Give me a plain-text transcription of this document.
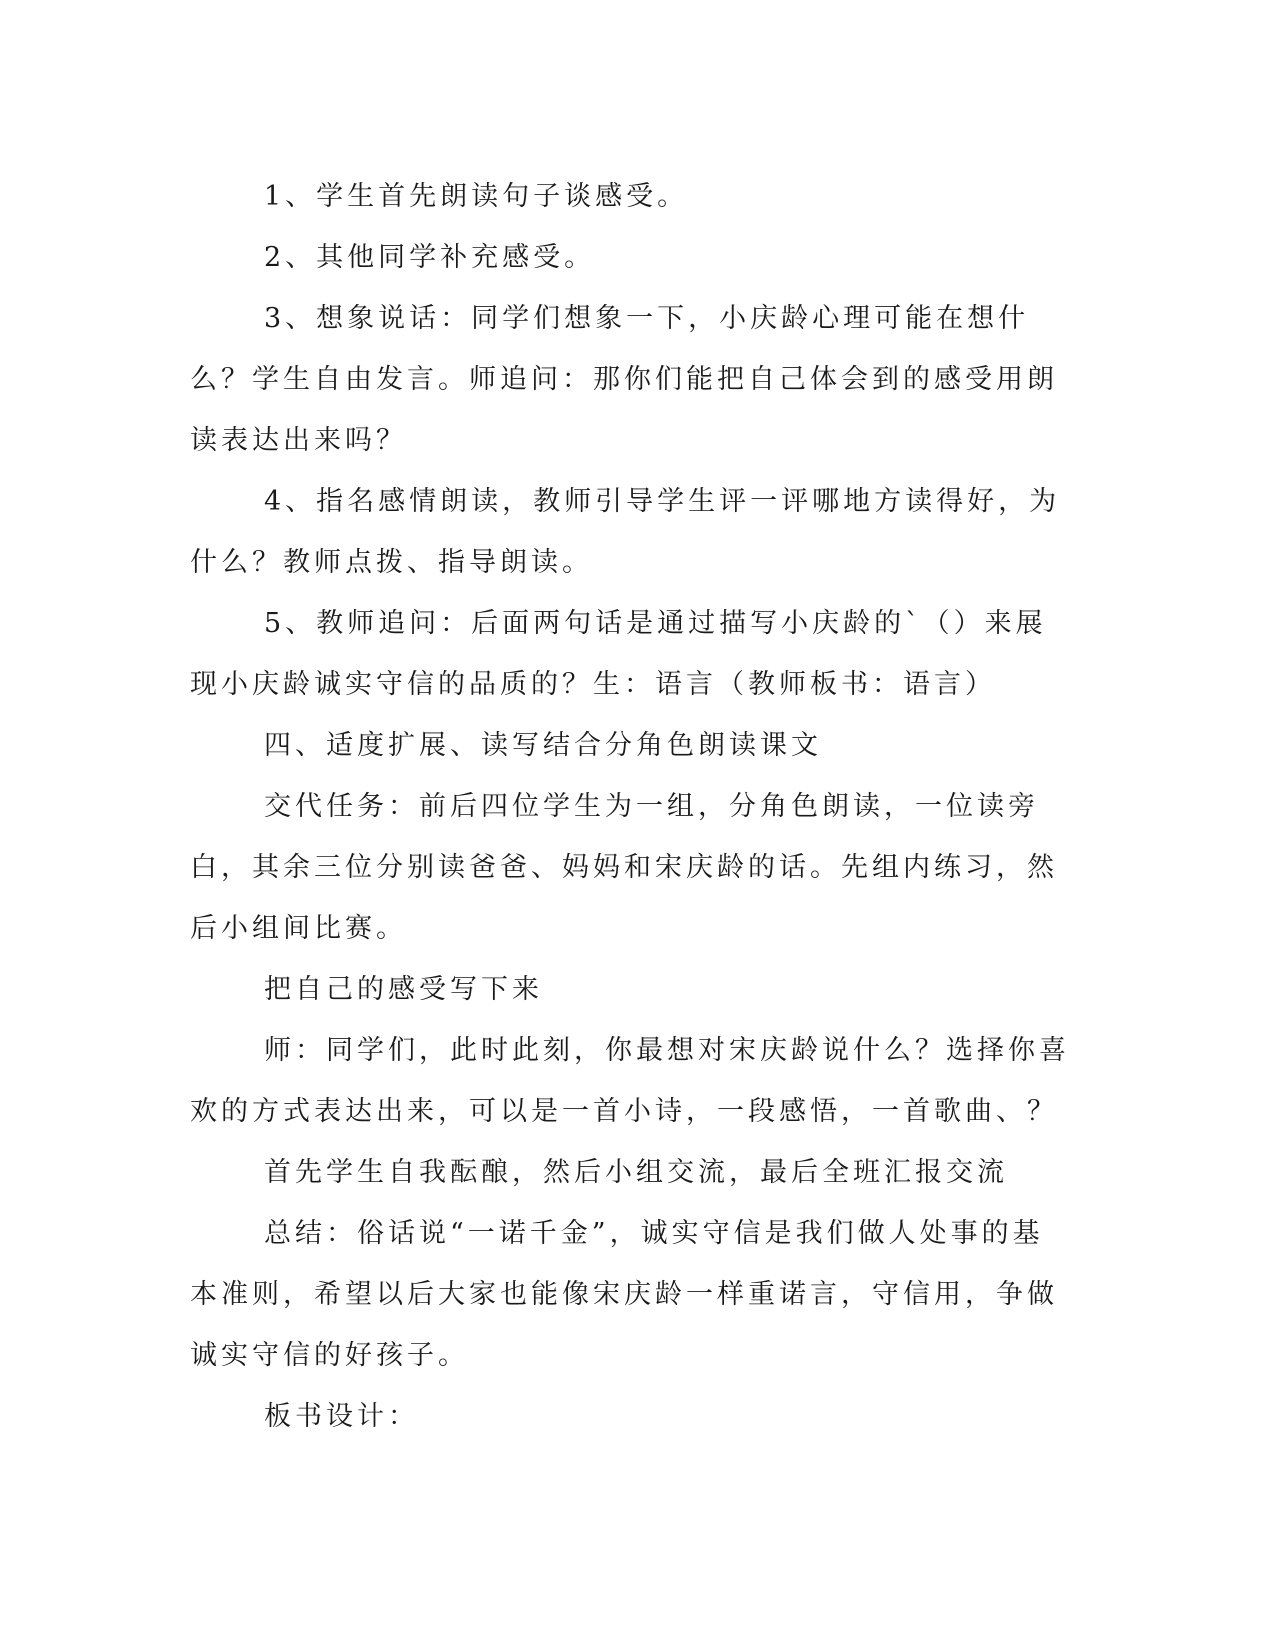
1、学生首先朗读句子谈感受。

2、其他同学补充感受。

3、想象说话：同学们想象一下，小庆龄心理可能在想什么？学生自由发言。师追问：那你们能把自己体会到的感受用朗读表达出来吗？

4、指名感情朗读，教师引导学生评一评哪地方读得好，为什么？教师点拨、指导朗读。

5、教师追问：后面两句话是通过描写小庆龄的`（）来展现小庆龄诚实守信的品质的？生：语言（教师板书：语言）

四、适度扩展、读写结合分角色朗读课文

交代任务：前后四位学生为一组，分角色朗读，一位读旁白，其余三位分别读爸爸、妈妈和宋庆龄的话。先组内练习，然后小组间比赛。

把自己的感受写下来

师：同学们，此时此刻，你最想对宋庆龄说什么？选择你喜欢的方式表达出来，可以是一首小诗，一段感悟，一首歌曲、？

首先学生自我酝酿，然后小组交流，最后全班汇报交流

总结：俗话说“一诺千金”，诚实守信是我们做人处事的基本准则，希望以后大家也能像宋庆龄一样重诺言，守信用，争做诚实守信的好孩子。

板书设计：
